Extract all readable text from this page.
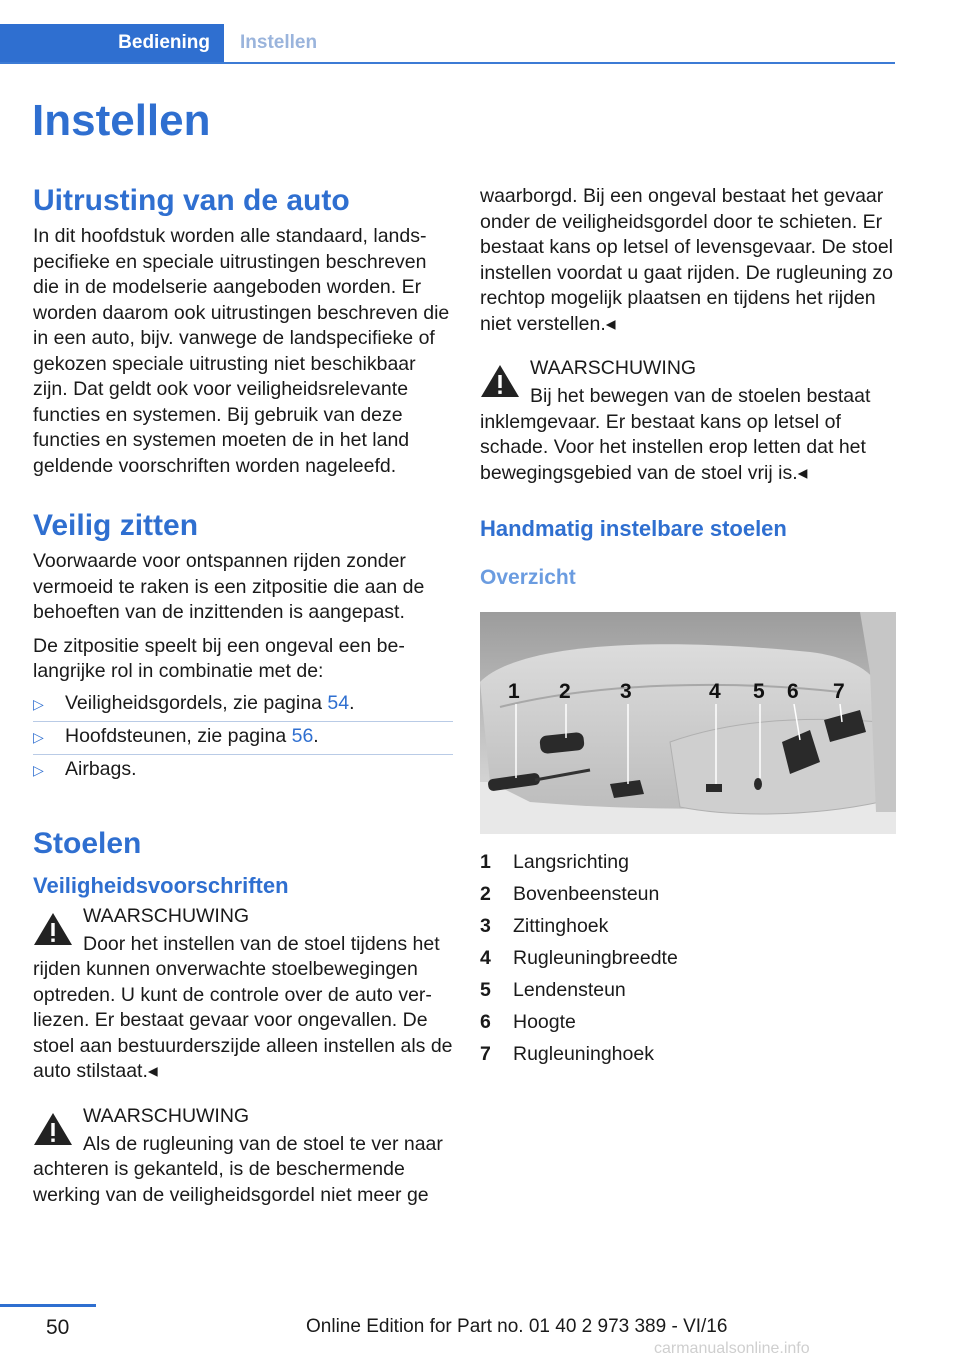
Bediening	Instellen
Instellen
Uitrusting van de auto

In dit hoofdstuk worden alle standaard, landspecifieke en speciale uitrustingen beschreven die in de modelserie aangeboden worden. Er worden daarom ook uitrustingen beschreven die in een auto, bijv. vanwege de landspecifieke of gekozen speciale uitrusting niet beschikbaar zijn. Dat geldt ook voor veiligheidsrelevante functies en systemen. Bij gebruik van deze functies en systemen moeten de in het land geldende voorschriften worden nageleefd.

Veilig zitten

Voorwaarde voor ontspannen rijden zonder vermoeid te raken is een zitpositie die aan de behoeften van de inzittenden is aangepast.

De zitpositie speelt bij een ongeval een belangrijke rol in combinatie met de:

▷ Veiligheidsgordels, zie pagina 54.
▷ Hoofdsteunen, zie pagina 56.
▷ Airbags.
Stoelen
Veiligheidsvoorschriften
WAARSCHUWING

Door het instellen van de stoel tijdens het rijden kunnen onverwachte stoelbewegingen optreden. U kunt de controle over de auto verliezen. Er bestaat gevaar voor ongevallen. De stoel aan bestuurderszijde alleen instellen als de auto stilstaat.◂

WAARSCHUWING

Als de rugleuning van de stoel te ver naar achteren is gekanteld, is de beschermende werking van de veiligheidsgordel niet meer ge

waarborgd. Bij een ongeval bestaat het gevaar onder de veiligheidsgordel door te schieten. Er bestaat kans op letsel of levensgevaar. De stoel instellen voordat u gaat rijden. De rugleuning zo rechtop mogelijk plaatsen en tijdens het rijden niet verstellen.◂

WAARSCHUWING

Bij het bewegen van de stoelen bestaat inklemgevaar. Er bestaat kans op letsel of schade. Voor het instellen erop letten dat het bewegingsgebied van de stoel vrij is.◂

Handmatig instelbare stoelen
Overzicht
1 2 3	4 5 6 7
1 Langsrichting
2 Bovenbeensteun
3 Zittinghoek
4 Rugleuningbreedte
5 Lendensteun
6 Hoogte
7 Rugleuninghoek
50	Online Edition for Part no. 01 40 2 973 389 - VI/16
carmanualsonline.info
